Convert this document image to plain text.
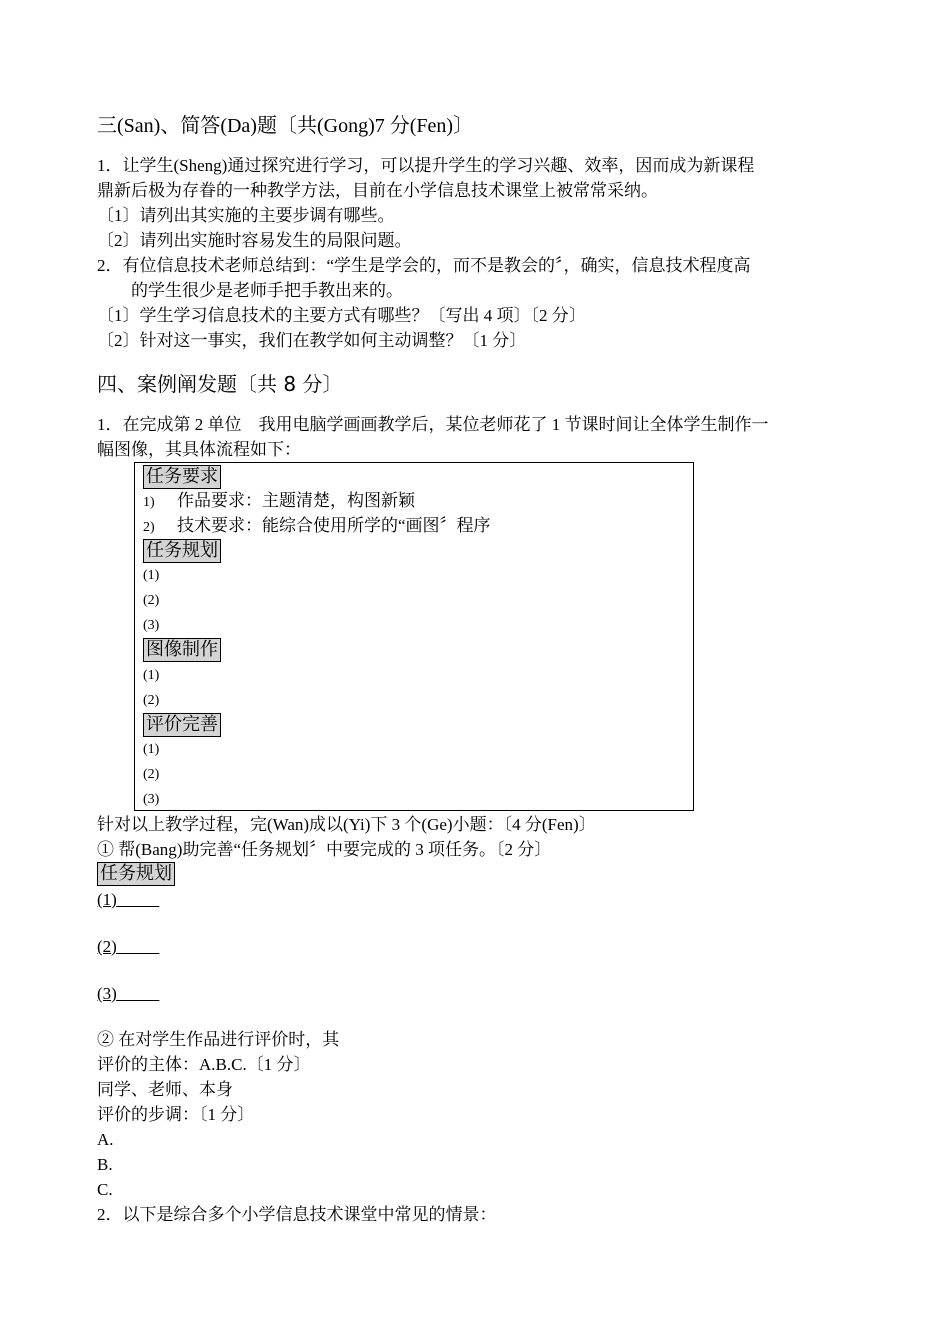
三(San)、简答(Da)题〔共(Gong)7 分(Fen)〕
1．让学生(Sheng)通过探究进行学习，可以提升学生的学习兴趣、效率，因而成为新课程
鼎新后极为存眷的一种教学方法，目前在小学信息技术课堂上被常常采纳。
〔1〕请列出其实施的主要步调有哪些。
〔2〕请列出实施时容易发生的局限问题。
2．有位信息技术老师总结到：“学生是学会的，而不是教会的〞，确实，信息技术程度高
的学生很少是老师手把手教出来的。
〔1〕学生学习信息技术的主要方式有哪些？〔写出 4 项〕〔2 分〕
〔2〕针对这一事实，我们在教学如何主动调整？〔1 分〕
四、案例阐发题〔共 8 分〕
1．在完成第 2 单位　我用电脑学画画教学后，某位老师花了 1 节课时间让全体学生制作一
幅图像，其具体流程如下：
任务要求
1) 作品要求：主题清楚，构图新颖
2) 技术要求：能综合使用所学的“画图〞程序
任务规划
(1)
(2)
(3)
图像制作
(1)
(2)
评价完善
(1)
(2)
(3)
针对以上教学过程，完(Wan)成以(Yi)下 3 个(Ge)小题：〔4 分(Fen)〕
① 帮(Bang)助完善“任务规划〞中要完成的 3 项任务。〔2 分〕
任务规划
(1)
(2)
(3)
② 在对学生作品进行评价时，其
评价的主体：A.B.C.〔1 分〕
同学、老师、本身
评价的步调：〔1 分〕
A.
B.
C.
2．以下是综合多个小学信息技术课堂中常见的情景：
